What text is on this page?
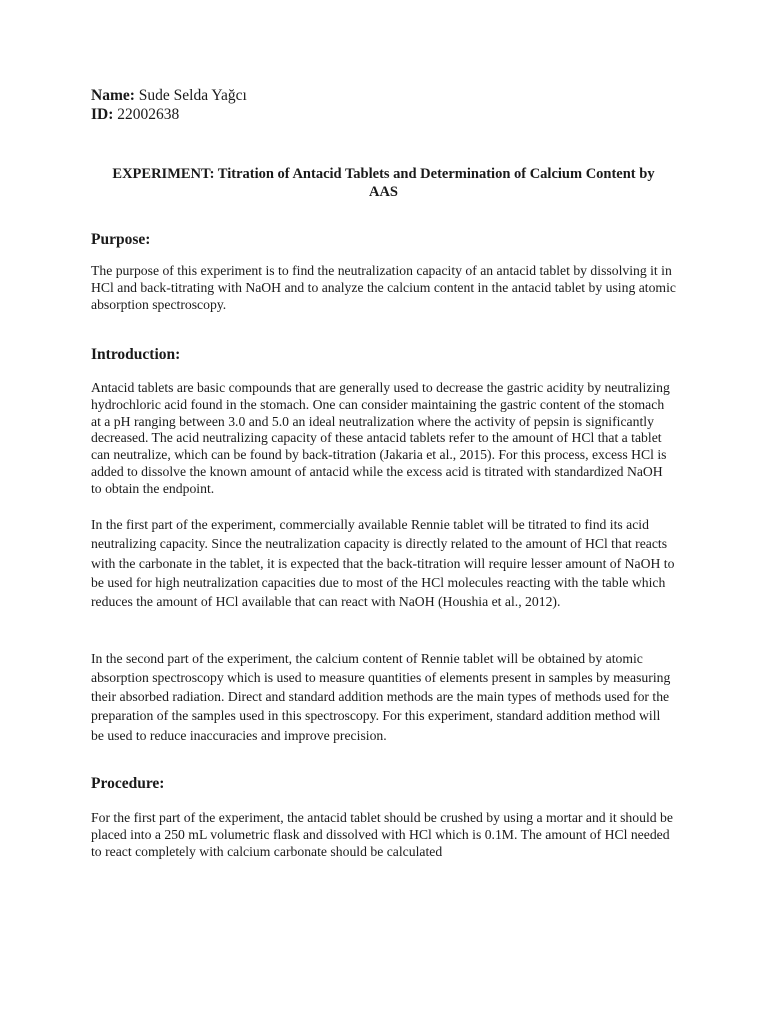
Name: Sude Selda Yağcı

ID: 22002638

EXPERIMENT: Titration of Antacid Tablets and Determination of Calcium Content by AAS
Purpose:

The purpose of this experiment is to find the neutralization capacity of an antacid tablet by dissolving it in HCl and back-titrating with NaOH and to analyze the calcium content in the antacid tablet by using atomic absorption spectroscopy.

Introduction:

Antacid tablets are basic compounds that are generally used to decrease the gastric acidity by neutralizing hydrochloric acid found in the stomach. One can consider maintaining the gastric content of the stomach at a pH ranging between 3.0 and 5.0 an ideal neutralization where the activity of pepsin is significantly decreased. The acid neutralizing capacity of these antacid tablets refer to the amount of HCl that a tablet can neutralize, which can be found by back-titration (Jakaria et al., 2015). For this process, excess HCl is added to dissolve the known amount of antacid while the excess acid is titrated with standardized NaOH to obtain the endpoint.

In the first part of the experiment, commercially available Rennie tablet will be titrated to find its acid neutralizing capacity. Since the neutralization capacity is directly related to the amount of HCl that reacts with the carbonate in the tablet, it is expected that the back-titration will require lesser amount of NaOH to be used for high neutralization capacities due to most of the HCl molecules reacting with the table which reduces the amount of HCl available that can react with NaOH (Houshia et al., 2012).

In the second part of the experiment, the calcium content of Rennie tablet will be obtained by atomic absorption spectroscopy which is used to measure quantities of elements present in samples by measuring their absorbed radiation. Direct and standard addition methods are the main types of methods used for the preparation of the samples used in this spectroscopy. For this experiment, standard addition method will be used to reduce inaccuracies and improve precision.

Procedure:

For the first part of the experiment, the antacid tablet should be crushed by using a mortar and it should be placed into a 250 mL volumetric flask and dissolved with HCl which is 0.1M. The amount of HCl needed to react completely with calcium carbonate should be calculated
